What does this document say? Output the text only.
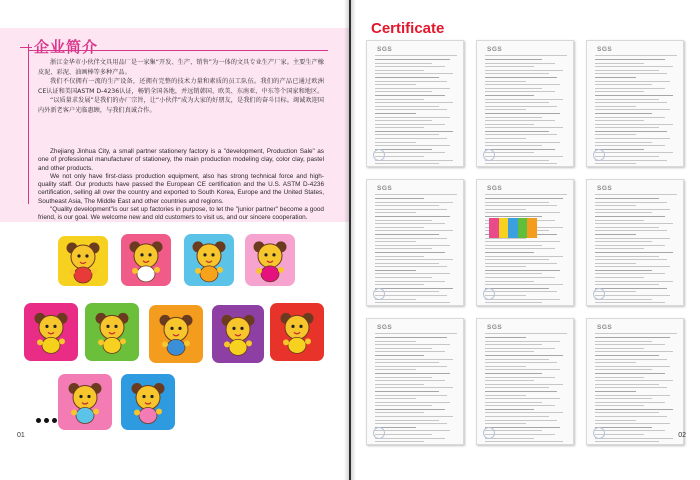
企业简介

浙江金华市小伙伴文具用品厂是一家集“开发、生产、销售”为一体的文具专业生产厂家。主要生产橡皮泥、彩泥、油画棒等多种产品。

我们不仅拥有一流的生产设备，还拥有完整的技术力量和素质的员工队伍。我们的产品已通过欧洲CE认证和美国ASTM D-4236认证，畅销全国各地，并远销韩国、欧美、东南亚、中东等个国家和地区。

“以质量求发展”是我们的办厂宗旨，让“小伙伴”成为大家的好朋友，是我们的奋斗目标。竭诚欢迎国内外新老客户光临惠顾，与我们真诚合作。

Zhejiang Jinhua City, a small partner stationery factory is a "development, Production Sale" as one of professional manufacturer of stationery, the main production modeling clay, color clay, pastel and other products.

We not only have first-class production equipment, also has strong technical force and high-quality staff. Our products have passed the European CE certification and the U.S. ASTM D-4236 certification, selling all over the country and exported to South Korea, Europe and the United States, Southeast Asia, The Middle East and other countries and regions.

"Quality development"is our set up factories in purpose, to let the "junior partner" become a good friend, is our goal. We welcome new and old customers to visit us, and our sincere cooperation.

01
Certificate
SGS	SGS	SGS
SGS	SGS	SGS
SGS	SGS	SGS
02
